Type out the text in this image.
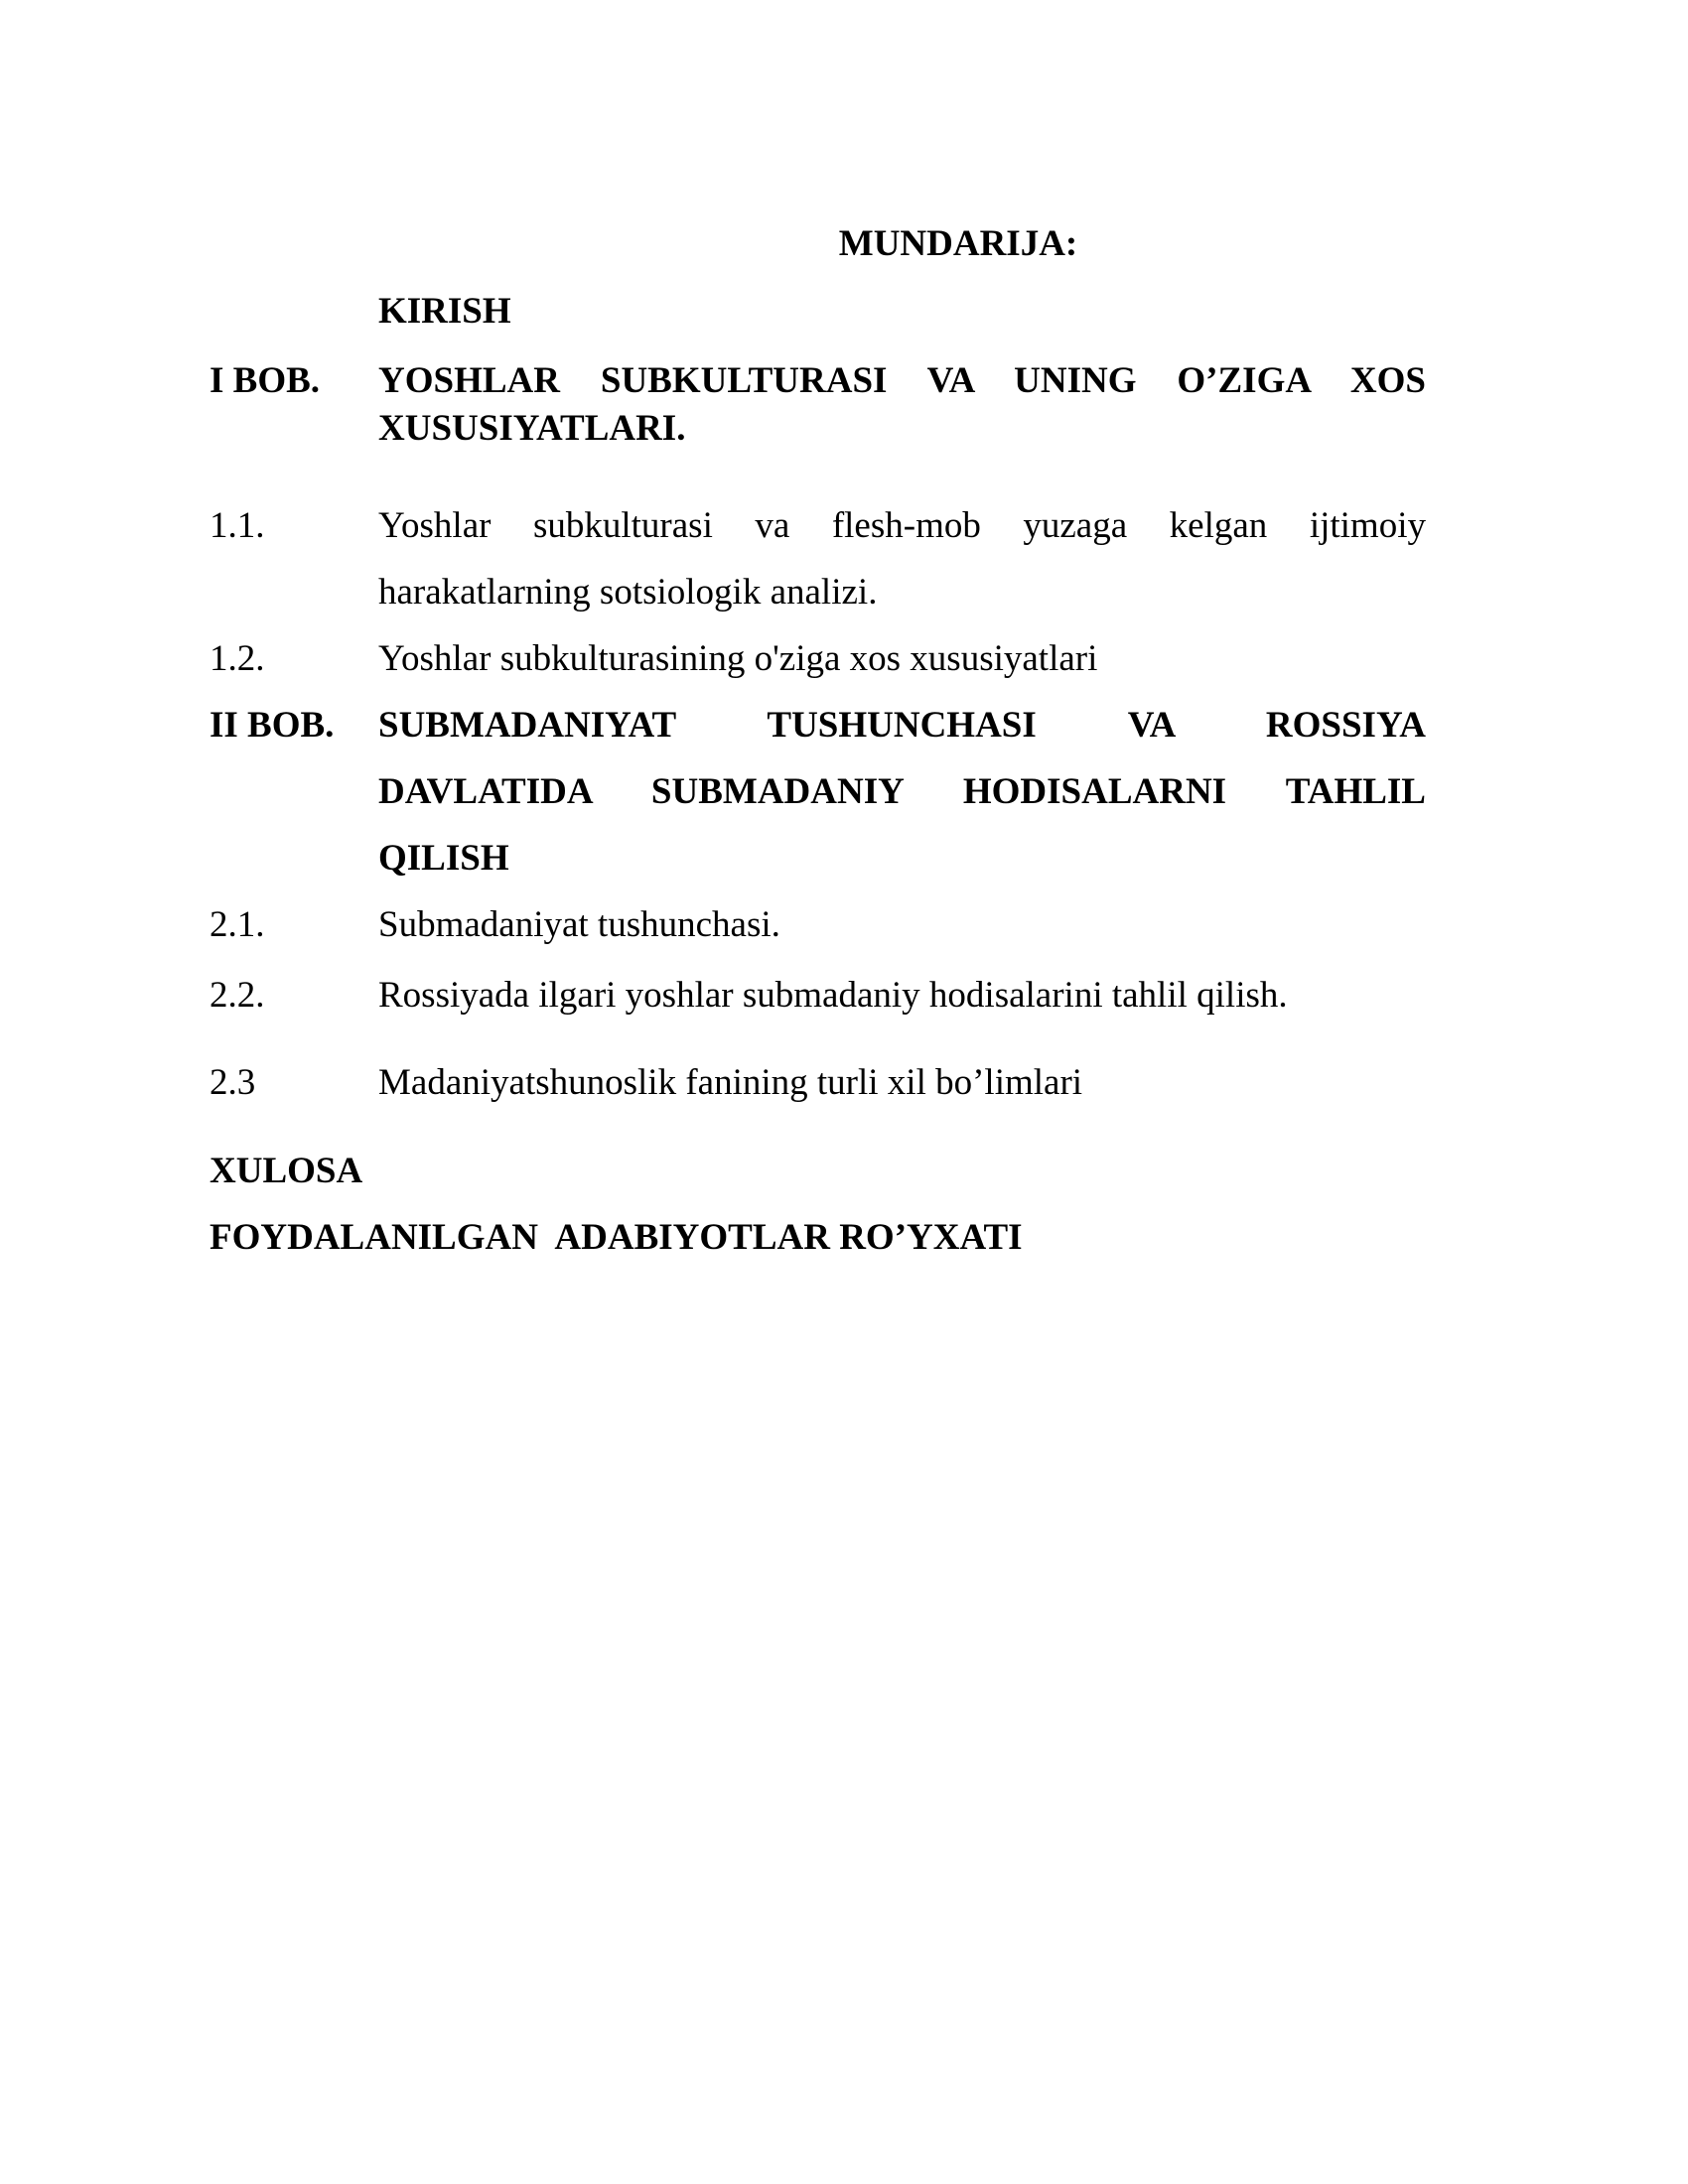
MUNDARIJA:
KIRISH
I BOB. YOSHLAR SUBKULTURASI VA UNING O’ZIGA XOS
XUSUSIYATLARI.
1.1.	Yoshlar subkulturasi va flesh-mob yuzaga kelgan ijtimoiy
harakatlarning sotsiologik analizi.
1.2.	Yoshlar subkulturasining o'ziga xos xususiyatlari
II BOB. SUBMADANIYAT TUSHUNCHASI VA ROSSIYA
DAVLATIDA SUBMADANIY HODISALARNI TAHLIL
QILISH
2.1.	Submadaniyat tushunchasi.
2.2.	Rossiyada ilgari yoshlar submadaniy hodisalarini tahlil qilish.
2.3	Madaniyatshunoslik fanining turli xil bo’limlari
XULOSA
FOYDALANILGAN  ADABIYOTLAR RO’YXATI
